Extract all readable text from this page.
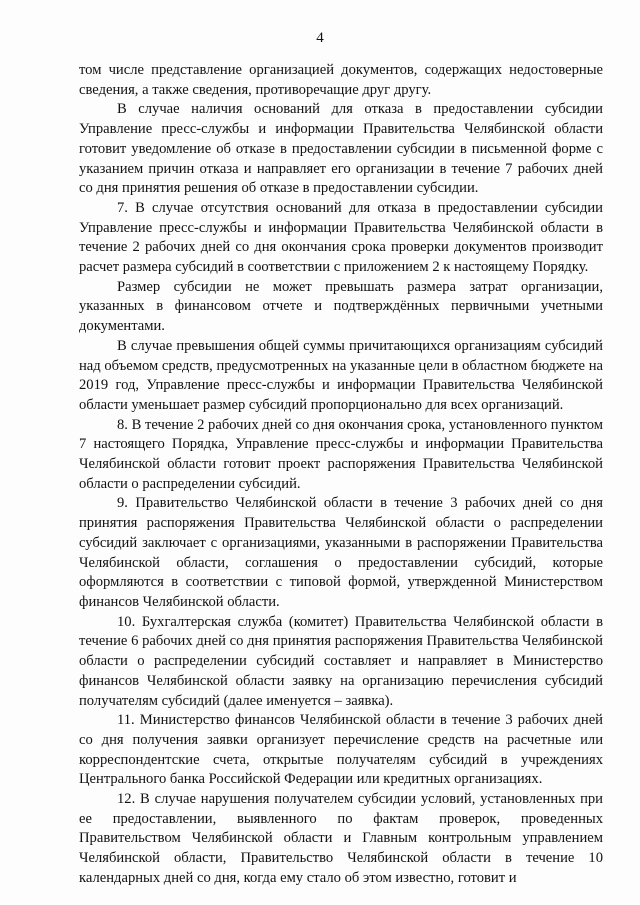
4

том числе представление организацией документов, содержащих недостоверные сведения, а также сведения, противоречащие друг другу.

В случае наличия оснований для отказа в предоставлении субсидии Управление пресс-службы и информации Правительства Челябинской области готовит уведомление об отказе в предоставлении субсидии в письменной форме с указанием причин отказа и направляет его организации в течение 7 рабочих дней со дня принятия решения об отказе в предоставлении субсидии.

7. В случае отсутствия оснований для отказа в предоставлении субсидии Управление пресс-службы и информации Правительства Челябинской области в течение 2 рабочих дней со дня окончания срока проверки документов производит расчет размера субсидий в соответствии с приложением 2 к настоящему Порядку.

Размер субсидии не может превышать размера затрат организации, указанных в финансовом отчете и подтверждённых первичными учетными документами.

В случае превышения общей суммы причитающихся организациям субсидий над объемом средств, предусмотренных на указанные цели в областном бюджете на 2019 год, Управление пресс-службы и информации Правительства Челябинской области уменьшает размер субсидий пропорционально для всех организаций.

8. В течение 2 рабочих дней со дня окончания срока, установленного пунктом 7 настоящего Порядка, Управление пресс-службы и информации Правительства Челябинской области готовит проект распоряжения Правительства Челябинской области о распределении субсидий.

9. Правительство Челябинской области в течение 3 рабочих дней со дня принятия распоряжения Правительства Челябинской области о распределении субсидий заключает с организациями, указанными в распоряжении Правительства Челябинской области, соглашения о предоставлении субсидий, которые оформляются в соответствии с типовой формой, утвержденной Министерством финансов Челябинской области.

10. Бухгалтерская служба (комитет) Правительства Челябинской области в течение 6 рабочих дней со дня принятия распоряжения Правительства Челябинской области о распределении субсидий составляет и направляет в Министерство финансов Челябинской области заявку на организацию перечисления субсидий получателям субсидий (далее именуется – заявка).

11. Министерство финансов Челябинской области в течение 3 рабочих дней со дня получения заявки организует перечисление средств на расчетные или корреспондентские счета, открытые получателям субсидий в учреждениях Центрального банка Российской Федерации или кредитных организациях.

12. В случае нарушения получателем субсидии условий, установленных при ее предоставлении, выявленного по фактам проверок, проведенных Правительством Челябинской области и Главным контрольным управлением Челябинской области, Правительство Челябинской области в течение 10 календарных дней со дня, когда ему стало об этом известно, готовит и
